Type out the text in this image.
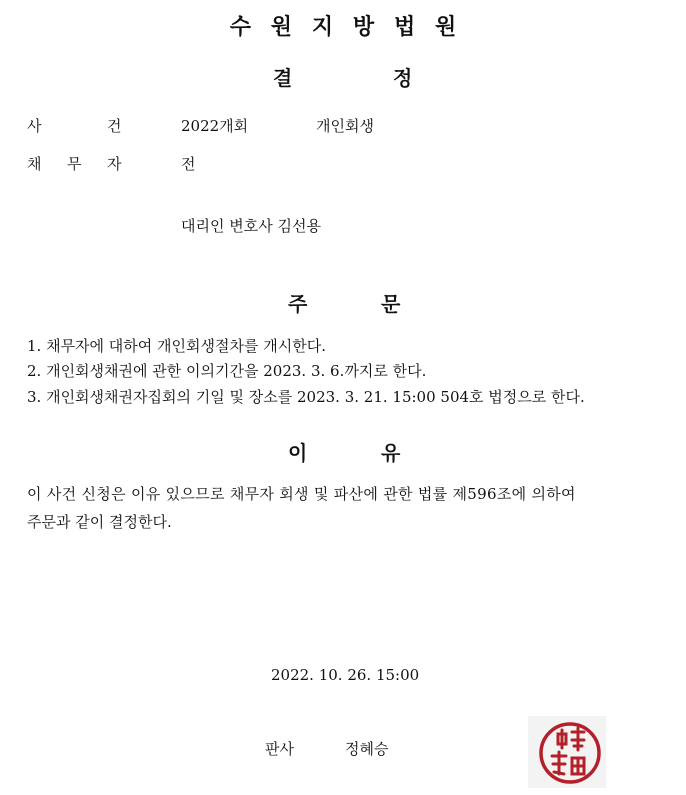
수원지방법원
결	정
사	건	2022개회	개인회생
채 무 자	전
대리인 변호사 김선용
주	문
1. 채무자에 대하여 개인회생절차를 개시한다.
2. 개인회생채권에 관한 이의기간을 2023. 3. 6.까지로 한다.
3. 개인회생채권자집회의 기일 및 장소를 2023. 3. 21. 15:00 504호 법정으로 한다.
이	유
이 사건 신청은 이유 있으므로 채무자 회생 및 파산에 관한 법률 제596조에 의하여
주문과 같이 결정한다.
2022. 10. 26. 15:00
판사	정혜승
